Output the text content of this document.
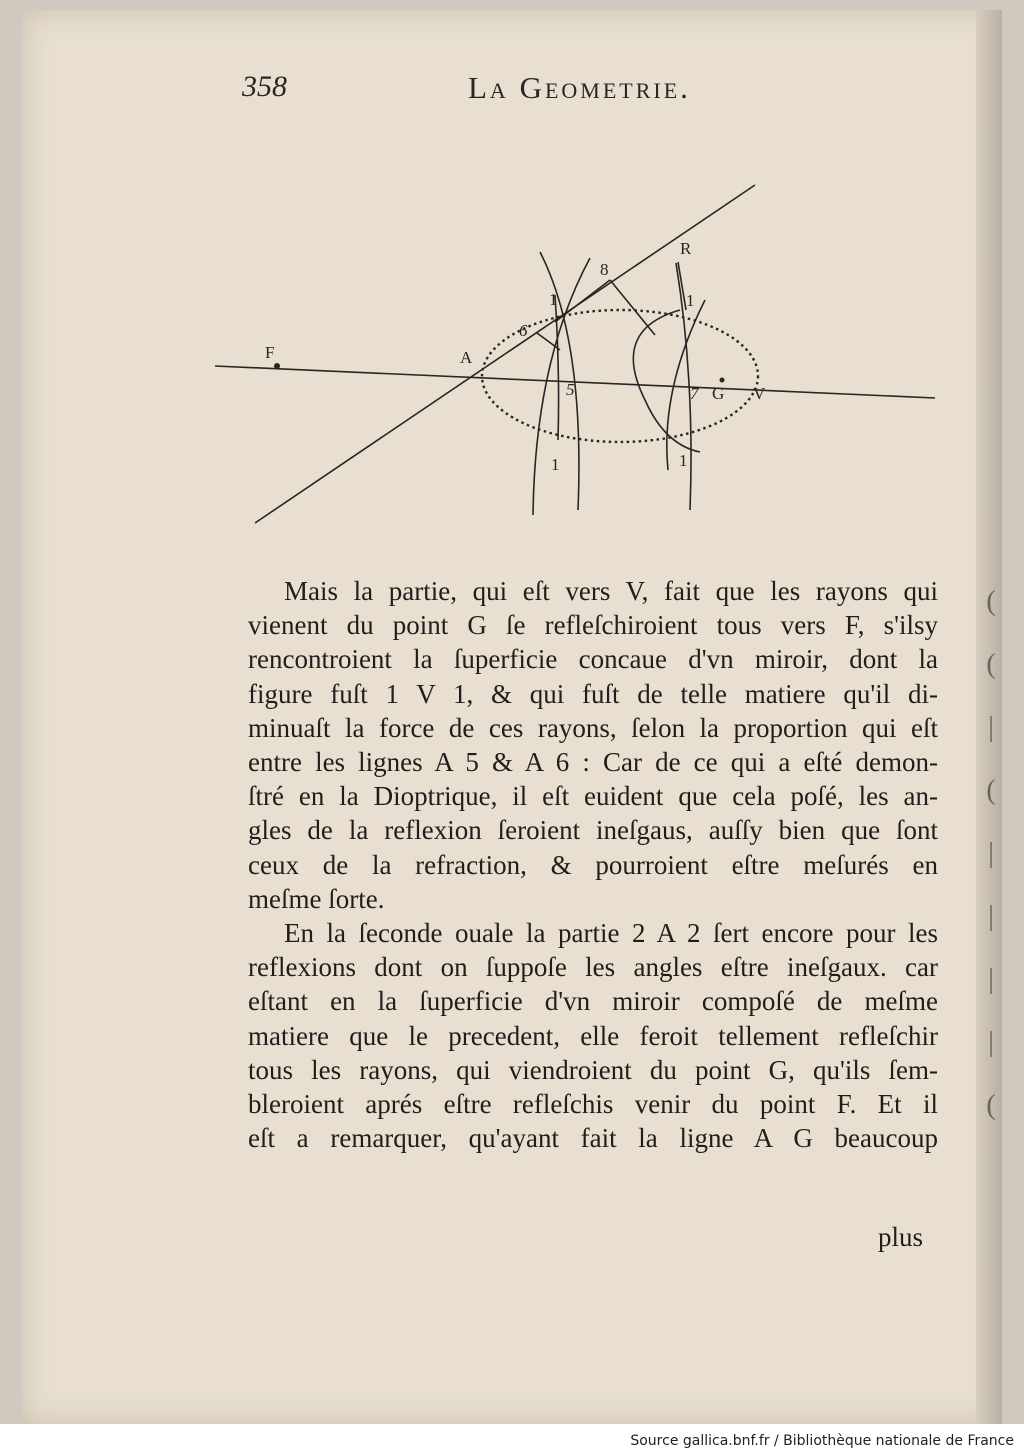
(
(
|
(
|
|
|
|
(
358	La Geometrie.
F	A
R
8
6
5	7 G V
1	1
1	1
Mais la partie, qui eſt vers V, fait que les rayons qui
vienent du point G ſe refleſchiroient tous vers F, s'ilsy
rencontroient la ſuperficie concaue d'vn miroir, dont la
figure fuſt 1 V 1, & qui fuſt de telle matiere qu'il di-
minuaſt la force de ces rayons, ſelon la proportion qui eſt
entre les lignes A 5 & A 6 : Car de ce qui a eſté demon-
ſtré en la Dioptrique, il eſt euident que cela poſé, les an-
gles de la reflexion ſeroient ineſgaus, auſſy bien que ſont
ceux de la refraction, & pourroient eſtre meſurés en
meſme ſorte.
En la ſeconde ouale la partie 2 A 2 ſert encore pour les
reflexions dont on ſuppoſe les angles eſtre ineſgaux. car
eſtant en la ſuperficie d'vn miroir compoſé de meſme
matiere que le precedent, elle feroit tellement refleſchir
tous les rayons, qui viendroient du point G, qu'ils ſem-
bleroient aprés eſtre refleſchis venir du point F. Et il
eſt a remarquer, qu'ayant fait la ligne A G beaucoup
plus
Source gallica.bnf.fr / Bibliothèque nationale de France
